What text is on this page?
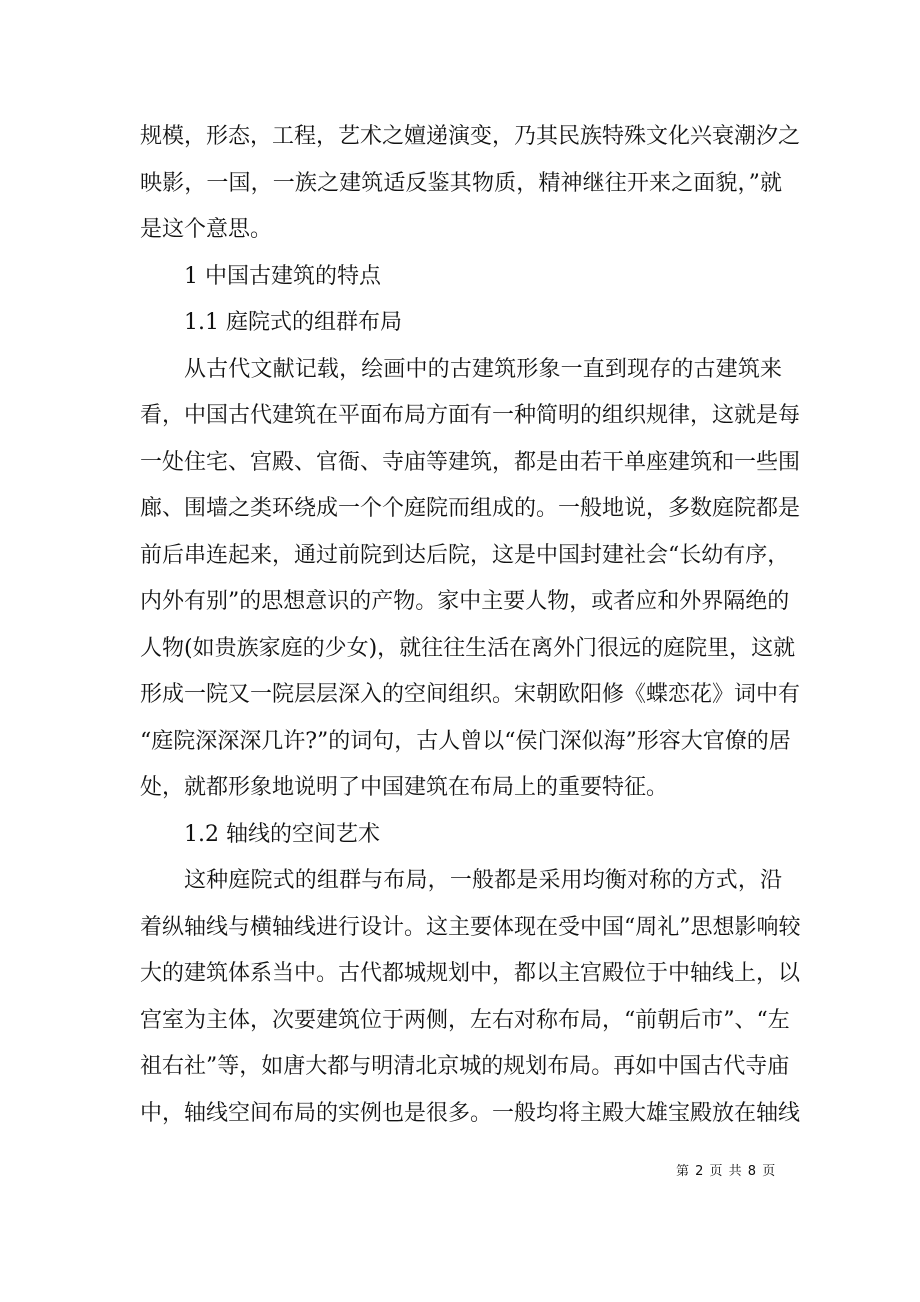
规模，形态，工程，艺术之嬗递演变，乃其民族特殊文化兴衰潮汐之
映影，一国，一族之建筑适反鉴其物质，精神继往开来之面貌，”就
是这个意思。

1 中国古建筑的特点

1.1 庭院式的组群布局

从古代文献记载，绘画中的古建筑形象一直到现存的古建筑来
看，中国古代建筑在平面布局方面有一种简明的组织规律，这就是每
一处住宅、宫殿、官衙、寺庙等建筑，都是由若干单座建筑和一些围
廊、围墙之类环绕成一个个庭院而组成的。一般地说，多数庭院都是
前后串连起来，通过前院到达后院，这是中国封建社会“长幼有序，
内外有别”的思想意识的产物。家中主要人物，或者应和外界隔绝的
人物(如贵族家庭的少女)，就往往生活在离外门很远的庭院里，这就
形成一院又一院层层深入的空间组织。宋朝欧阳修《蝶恋花》词中有
“庭院深深深几许?”的词句，古人曾以“侯门深似海”形容大官僚的居
处，就都形象地说明了中国建筑在布局上的重要特征。

1.2 轴线的空间艺术

这种庭院式的组群与布局，一般都是采用均衡对称的方式，沿
着纵轴线与横轴线进行设计。这主要体现在受中国“周礼”思想影响较
大的建筑体系当中。古代都城规划中，都以主宫殿位于中轴线上，以
宫室为主体，次要建筑位于两侧，左右对称布局，“前朝后市”、“左
祖右社”等，如唐大都与明清北京城的规划布局。再如中国古代寺庙
中，轴线空间布局的实例也是很多。一般均将主殿大雄宝殿放在轴线

第 2 页 共 8 页
